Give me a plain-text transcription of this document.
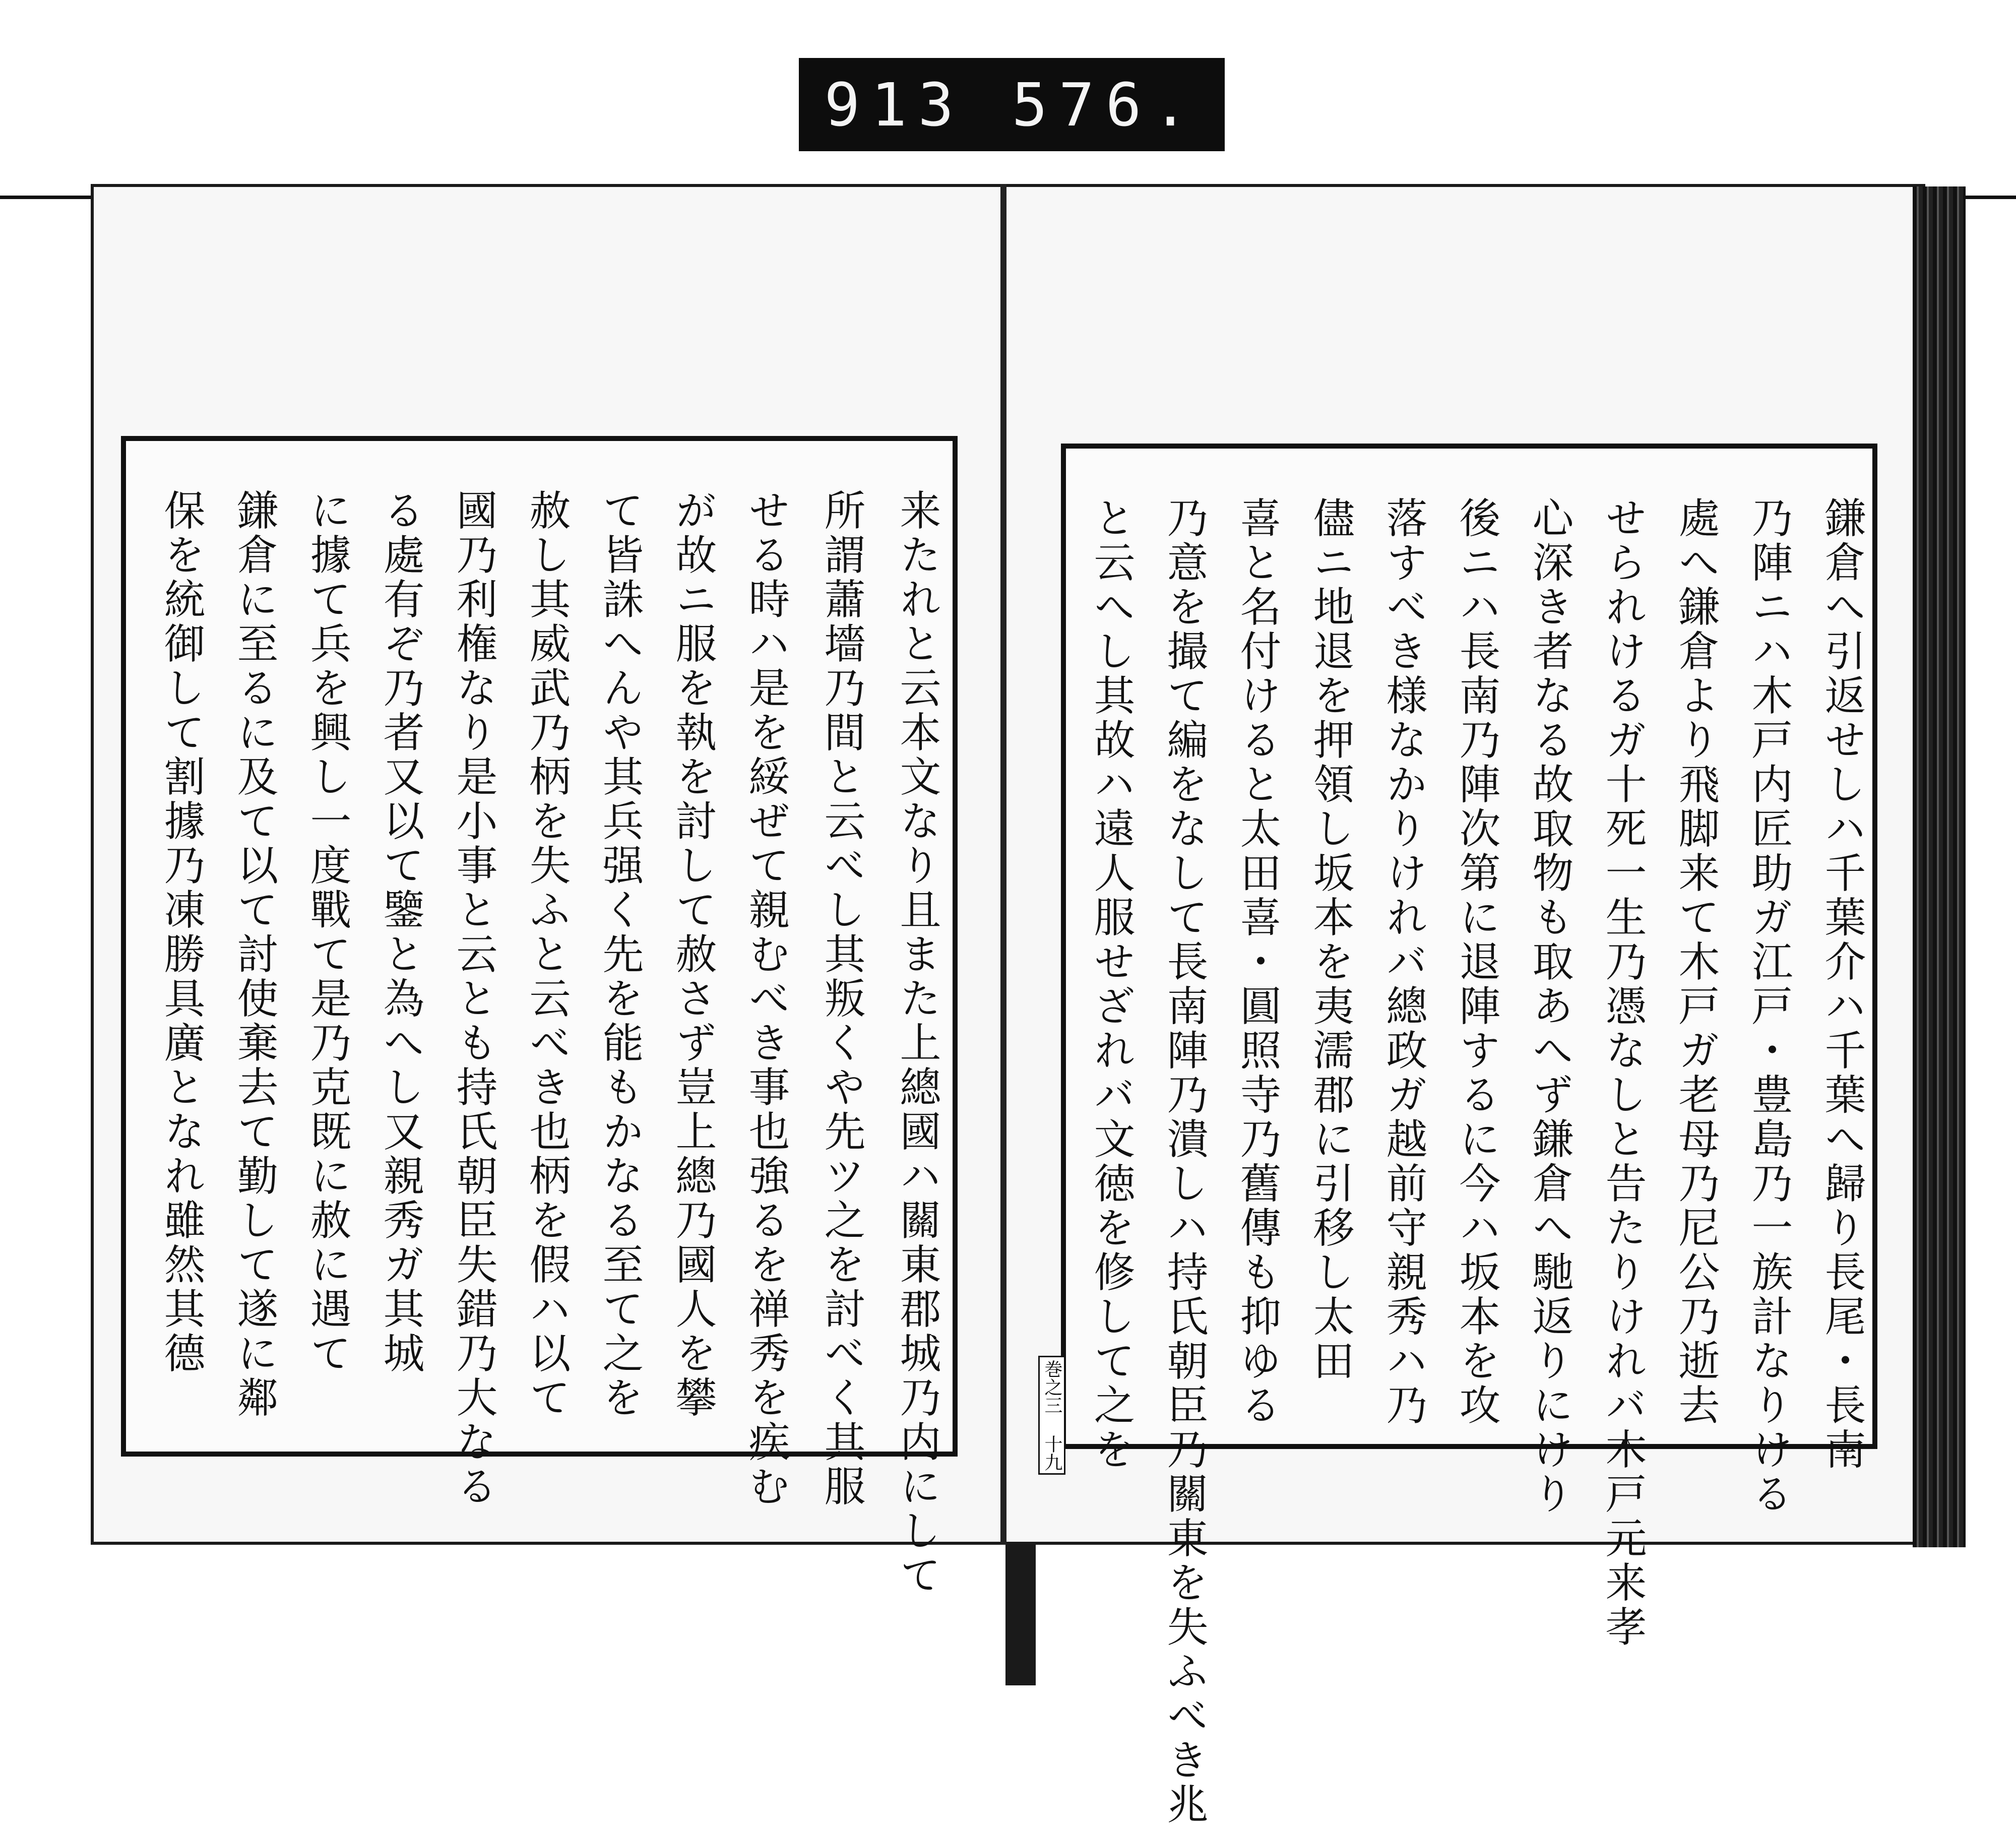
913 576.
来たれと云本文なり且また上總國ハ關東郡城乃内にして
所謂蕭墻乃間と云べし其叛くや先ツ之を討べく其服
せる時ハ是を綏ぜて親むべき事也強るを禅秀を疾む
が故ニ服を執を討して赦さず豈上總乃國人を攀
て皆誅へんや其兵强く先を能もかなる至て之を
赦し其威武乃柄を失ふと云べき也柄を假ハ以て
國乃利権なり是小事と云とも持氏朝臣失錯乃大なる
る處有ぞ乃者又以て鑒と為へし又親秀ガ其城
に據て兵を興し一度戰て是乃克既に赦に遇て
鎌倉に至るに及て以て討使棄去て勤して遂に鄰
保を統御して割據乃凍勝具廣となれ雖然其德	鎌倉へ引返せしハ千葉介ハ千葉へ歸り長尾・長南
乃陣ニハ木戸内匠助ガ江戸・豊島乃一族計なりける
處へ鎌倉より飛脚来て木戸ガ老母乃尼公乃逝去
せられけるガ十死一生乃憑なしと告たりけれバ木戸元来孝
心深き者なる故取物も取あへず鎌倉へ馳返りにけり
後ニハ長南乃陣次第に退陣するに今ハ坂本を攻
落すべき様なかりけれバ總政ガ越前守親秀ハ乃
儘ニ地退を押領し坂本を夷濡郡に引移し太田
喜と名付けると太田喜・圓照寺乃舊傳も抑ゆる
乃意を撮て編をなして長南陣乃潰しハ持氏朝臣乃關東を失ふべき兆
と云へし其故ハ遠人服せざれバ文徳を修して之を
巻之三 十九
